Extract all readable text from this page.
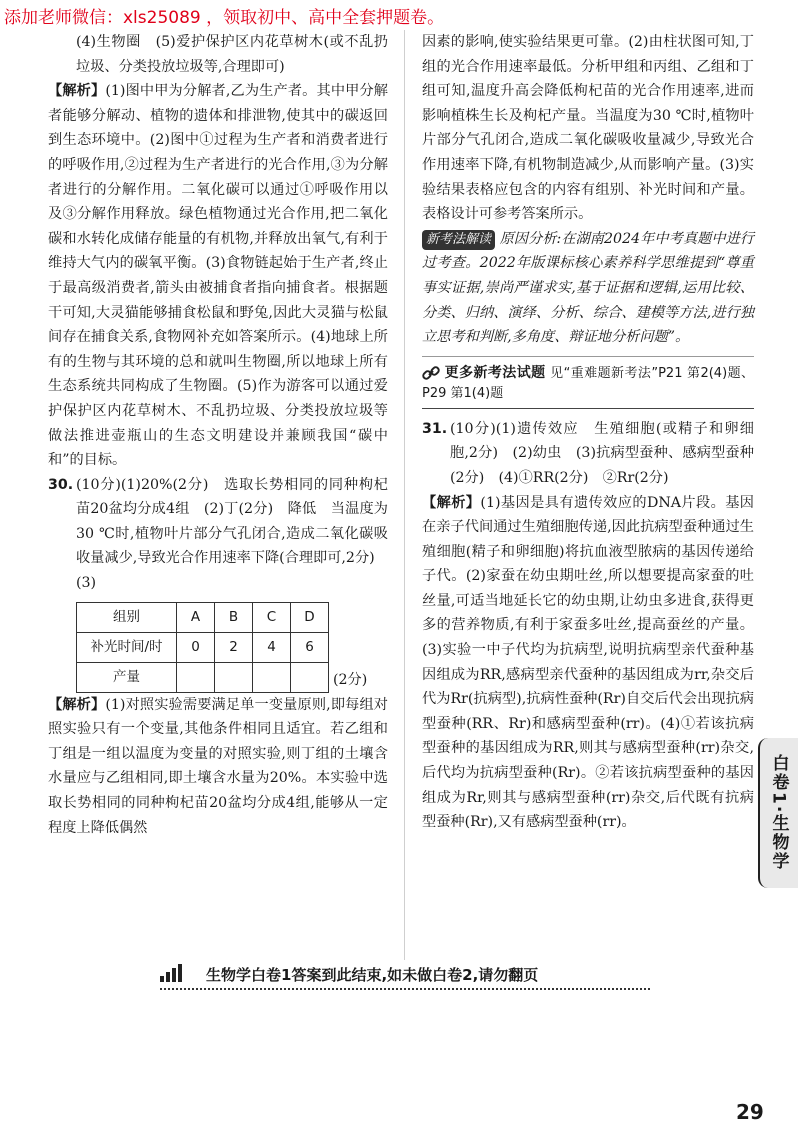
添加老师微信：xls25089 ，领取初中、高中全套押题卷。

(4)生物圈　(5)爱护保护区内花草树木(或不乱扔垃圾、分类投放垃圾等,合理即可)

【解析】(1)图中甲为分解者,乙为生产者。其中甲分解者能够分解动、植物的遗体和排泄物,使其中的碳返回到生态环境中。(2)图中①过程为生产者和消费者进行的呼吸作用,②过程为生产者进行的光合作用,③为分解者进行的分解作用。二氧化碳可以通过①呼吸作用以及③分解作用释放。绿色植物通过光合作用,把二氧化碳和水转化成储存能量的有机物,并释放出氧气,有利于维持大气内的碳氧平衡。(3)食物链起始于生产者,终止于最高级消费者,箭头由被捕食者指向捕食者。根据题干可知,大灵猫能够捕食松鼠和野兔,因此大灵猫与松鼠间存在捕食关系,食物网补充如答案所示。(4)地球上所有的生物与其环境的总和就叫生物圈,所以地球上所有生态系统共同构成了生物圈。(5)作为游客可以通过爱护保护区内花草树木、不乱扔垃圾、分类投放垃圾等做法推进壶瓶山的生态文明建设并兼顾我国“碳中和”的目标。

30. (10分)(1)20%(2分)　选取长势相同的同种枸杞苗20盆均分成4组　(2)丁(2分)　降低　当温度为30 ℃时,植物叶片部分气孔闭合,造成二氧化碳吸收量减少,导致光合作用速率下降(合理即可,2分)

(3)

组别	A	B	C	D
补光时间/时	0	2	4	6
产量					(2分)

【解析】(1)对照实验需要满足单一变量原则,即每组对照实验只有一个变量,其他条件相同且适宜。若乙组和丁组是一组以温度为变量的对照实验,则丁组的土壤含水量应与乙组相同,即土壤含水量为20%。本实验中选取长势相同的同种枸杞苗20盆均分成4组,能够从一定程度上降低偶然

因素的影响,使实验结果更可靠。(2)由柱状图可知,丁组的光合作用速率最低。分析甲组和丙组、乙组和丁组可知,温度升高会降低枸杞苗的光合作用速率,进而影响植株生长及枸杞产量。当温度为30 ℃时,植物叶片部分气孔闭合,造成二氧化碳吸收量减少,导致光合作用速率下降,有机物制造减少,从而影响产量。(3)实验结果表格应包含的内容有组别、补光时间和产量。表格设计可参考答案所示。

新考法解读 原因分析:在湖南2024年中考真题中进行过考查。2022年版课标核心素养科学思维提到“尊重事实证据,崇尚严谨求实,基于证据和逻辑,运用比较、分类、归纳、演绎、分析、综合、建模等方法,进行独立思考和判断,多角度、辩证地分析问题”。
更多新考法试题 见“重难题新考法”P21 第2(4)题、P29 第1(4)题

31. (10分)(1)遗传效应　生殖细胞(或精子和卵细胞,2分)　(2)幼虫　(3)抗病型蚕种、感病型蚕种(2分)　(4)①RR(2分)　②Rr(2分)

【解析】(1)基因是具有遗传效应的DNA片段。基因在亲子代间通过生殖细胞传递,因此抗病型蚕种通过生殖细胞(精子和卵细胞)将抗血液型脓病的基因传递给子代。(2)家蚕在幼虫期吐丝,所以想要提高家蚕的吐丝量,可适当地延长它的幼虫期,让幼虫多进食,获得更多的营养物质,有利于家蚕多吐丝,提高蚕丝的产量。(3)实验一中子代均为抗病型,说明抗病型亲代蚕种基因组成为RR,感病型亲代蚕种的基因组成为rr,杂交后代为Rr(抗病型),抗病性蚕种(Rr)自交后代会出现抗病型蚕种(RR、Rr)和感病型蚕种(rr)。(4)①若该抗病型蚕种的基因组成为RR,则其与感病型蚕种(rr)杂交,后代均为抗病型蚕种(Rr)。②若该抗病型蚕种的基因组成为Rr,则其与感病型蚕种(rr)杂交,后代既有抗病型蚕种(Rr),又有感病型蚕种(rr)。	白卷1·生物学
生物学白卷1答案到此结束,如未做白卷2,请勿翻页
29
